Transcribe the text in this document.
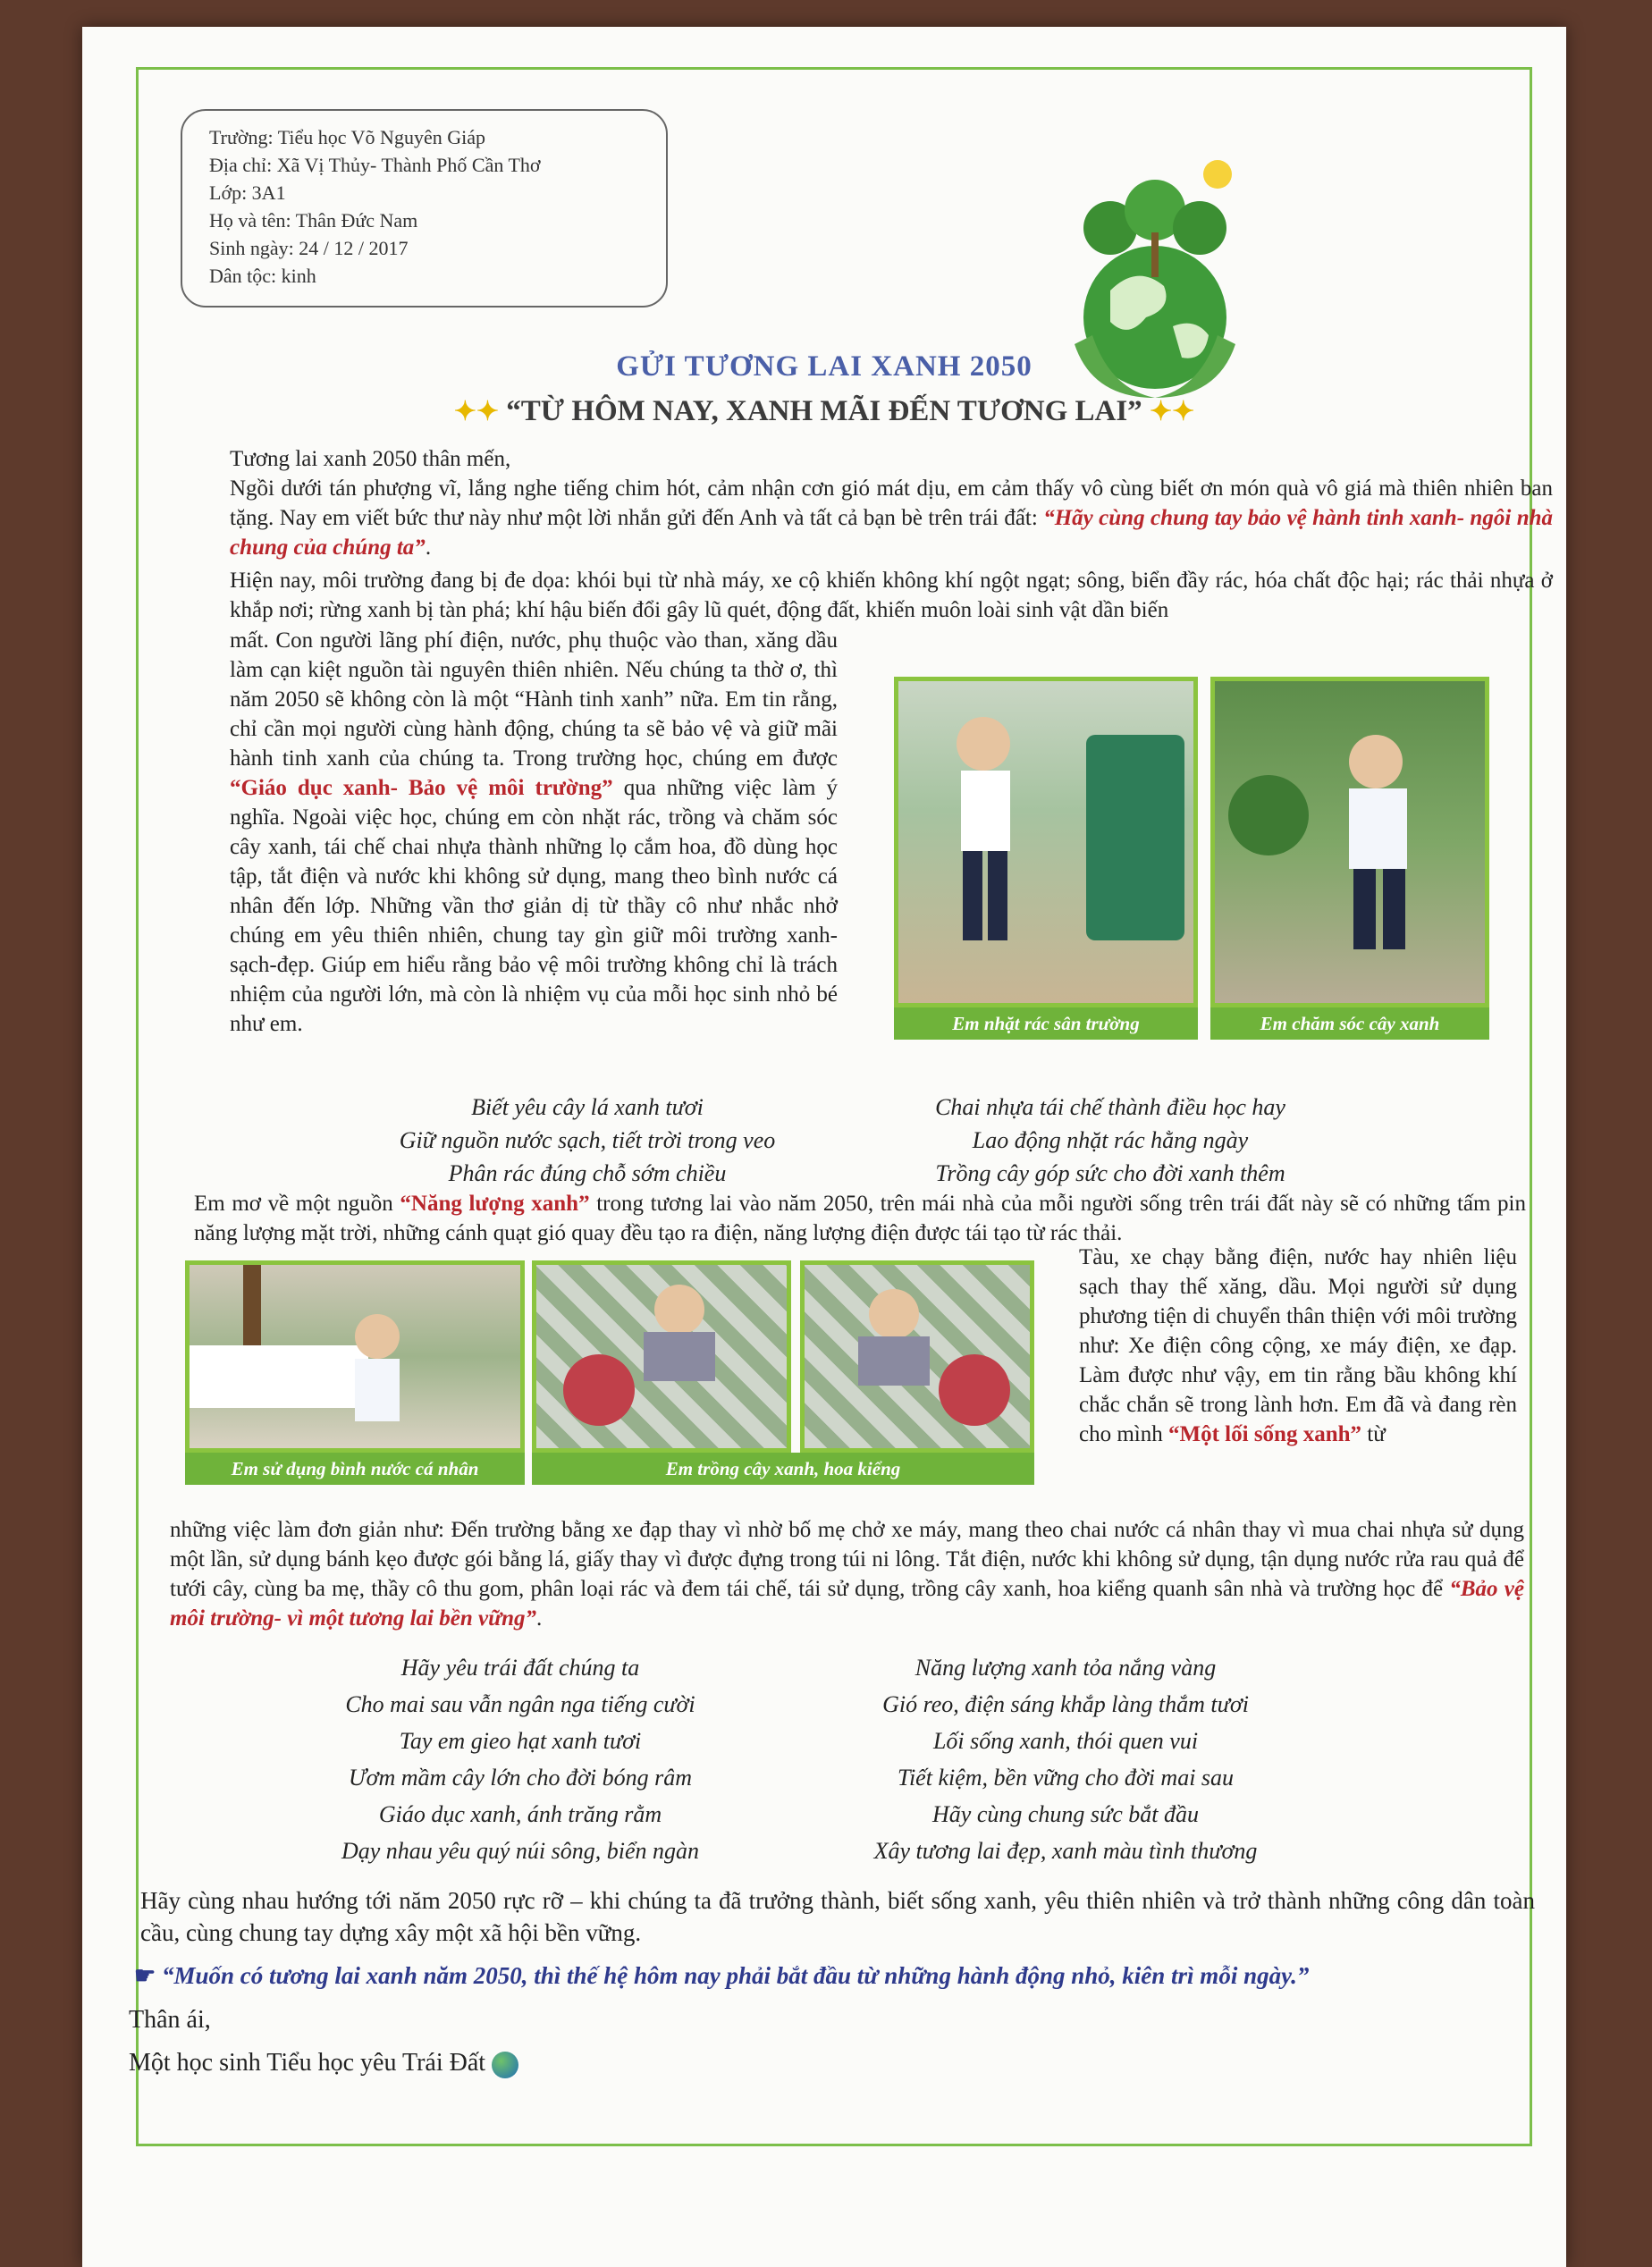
Trường: Tiểu học Võ Nguyên Giáp
Địa chỉ: Xã Vị Thủy- Thành Phố Cần Thơ
Lớp: 3A1
Họ và tên: Thân Đức Nam
Sinh ngày: 24 / 12 / 2017
Dân tộc: kinh
GỬI TƯƠNG LAI XANH 2050
✦✦ “TỪ HÔM NAY, XANH MÃI ĐẾN TƯƠNG LAI” ✦✦
Tương lai xanh 2050 thân mến,
Ngồi dưới tán phượng vĩ, lắng nghe tiếng chim hót, cảm nhận cơn gió mát dịu, em cảm thấy vô cùng biết ơn món quà vô giá mà thiên nhiên ban tặng. Nay em viết bức thư này như một lời nhắn gửi đến Anh và tất cả bạn bè trên trái đất: “Hãy cùng chung tay bảo vệ hành tinh xanh- ngôi nhà chung của chúng ta”.
Hiện nay, môi trường đang bị đe dọa: khói bụi từ nhà máy, xe cộ khiến không khí ngột ngạt; sông, biển đầy rác, hóa chất độc hại; rác thải nhựa ở khắp nơi; rừng xanh bị tàn phá; khí hậu biến đổi gây lũ quét, động đất, khiến muôn loài sinh vật dần biến
mất. Con người lãng phí điện, nước, phụ thuộc vào than, xăng dầu làm cạn kiệt nguồn tài nguyên thiên nhiên. Nếu chúng ta thờ ơ, thì năm 2050 sẽ không còn là một “Hành tinh xanh” nữa. Em tin rằng, chỉ cần mọi người cùng hành động, chúng ta sẽ bảo vệ và giữ mãi hành tinh xanh của chúng ta. Trong trường học, chúng em được “Giáo dục xanh- Bảo vệ môi trường” qua những việc làm ý nghĩa. Ngoài việc học, chúng em còn nhặt rác, trồng và chăm sóc cây xanh, tái chế chai nhựa thành những lọ cắm hoa, đồ dùng học tập, tắt điện và nước khi không sử dụng, mang theo bình nước cá nhân đến lớp. Những vần thơ giản dị từ thầy cô như nhắc nhở chúng em yêu thiên nhiên, chung tay gìn giữ môi trường xanh-sạch-đẹp. Giúp em hiểu rằng bảo vệ môi trường không chỉ là trách nhiệm của người lớn, mà còn là nhiệm vụ của mỗi học sinh nhỏ bé như em.	Em nhặt rác sân trường	Em chăm sóc cây xanh
Biết yêu cây lá xanh tươi
Giữ nguồn nước sạch, tiết trời trong veo
Phân rác đúng chỗ sớm chiều
Chai nhựa tái chế thành điều học hay
Lao động nhặt rác hằng ngày
Trồng cây góp sức cho đời xanh thêm
Em mơ về một nguồn “Năng lượng xanh” trong tương lai vào năm 2050, trên mái nhà của mỗi người sống trên trái đất này sẽ có những tấm pin năng lượng mặt trời, những cánh quạt gió quay đều tạo ra điện, năng lượng điện được tái tạo từ rác thải.
Em sử dụng bình nước cá nhân	Em trồng cây xanh, hoa kiểng
Tàu, xe chạy bằng điện, nước hay nhiên liệu sạch thay thế xăng, dầu. Mọi người sử dụng phương tiện di chuyển thân thiện với môi trường như: Xe điện công cộng, xe máy điện, xe đạp. Làm được như vậy, em tin rằng bầu không khí chắc chắn sẽ trong lành hơn. Em đã và đang rèn cho mình “Một lối sống xanh” từ
những việc làm đơn giản như: Đến trường bằng xe đạp thay vì nhờ bố mẹ chở xe máy, mang theo chai nước cá nhân thay vì mua chai nhựa sử dụng một lần, sử dụng bánh kẹo được gói bằng lá, giấy thay vì được đựng trong túi ni lông. Tắt điện, nước khi không sử dụng, tận dụng nước rửa rau quả để tưới cây, cùng ba mẹ, thầy cô thu gom, phân loại rác và đem tái chế, tái sử dụng, trồng cây xanh, hoa kiểng quanh sân nhà và trường học để “Bảo vệ môi trường- vì một tương lai bền vững”.
Hãy yêu trái đất chúng ta
Cho mai sau vẫn ngân nga tiếng cười
Tay em gieo hạt xanh tươi
Ươm mầm cây lớn cho đời bóng râm
Giáo dục xanh, ánh trăng rằm
Dạy nhau yêu quý núi sông, biển ngàn
Năng lượng xanh tỏa nắng vàng
Gió reo, điện sáng khắp làng thắm tươi
Lối sống xanh, thói quen vui
Tiết kiệm, bền vững cho đời mai sau
Hãy cùng chung sức bắt đầu
Xây tương lai đẹp, xanh màu tình thương
Hãy cùng nhau hướng tới năm 2050 rực rỡ – khi chúng ta đã trưởng thành, biết sống xanh, yêu thiên nhiên và trở thành những công dân toàn cầu, cùng chung tay dựng xây một xã hội bền vững.
☛ “Muốn có tương lai xanh năm 2050, thì thế hệ hôm nay phải bắt đầu từ những hành động nhỏ, kiên trì mỗi ngày.”
Thân ái,
Một học sinh Tiểu học yêu Trái Đất
